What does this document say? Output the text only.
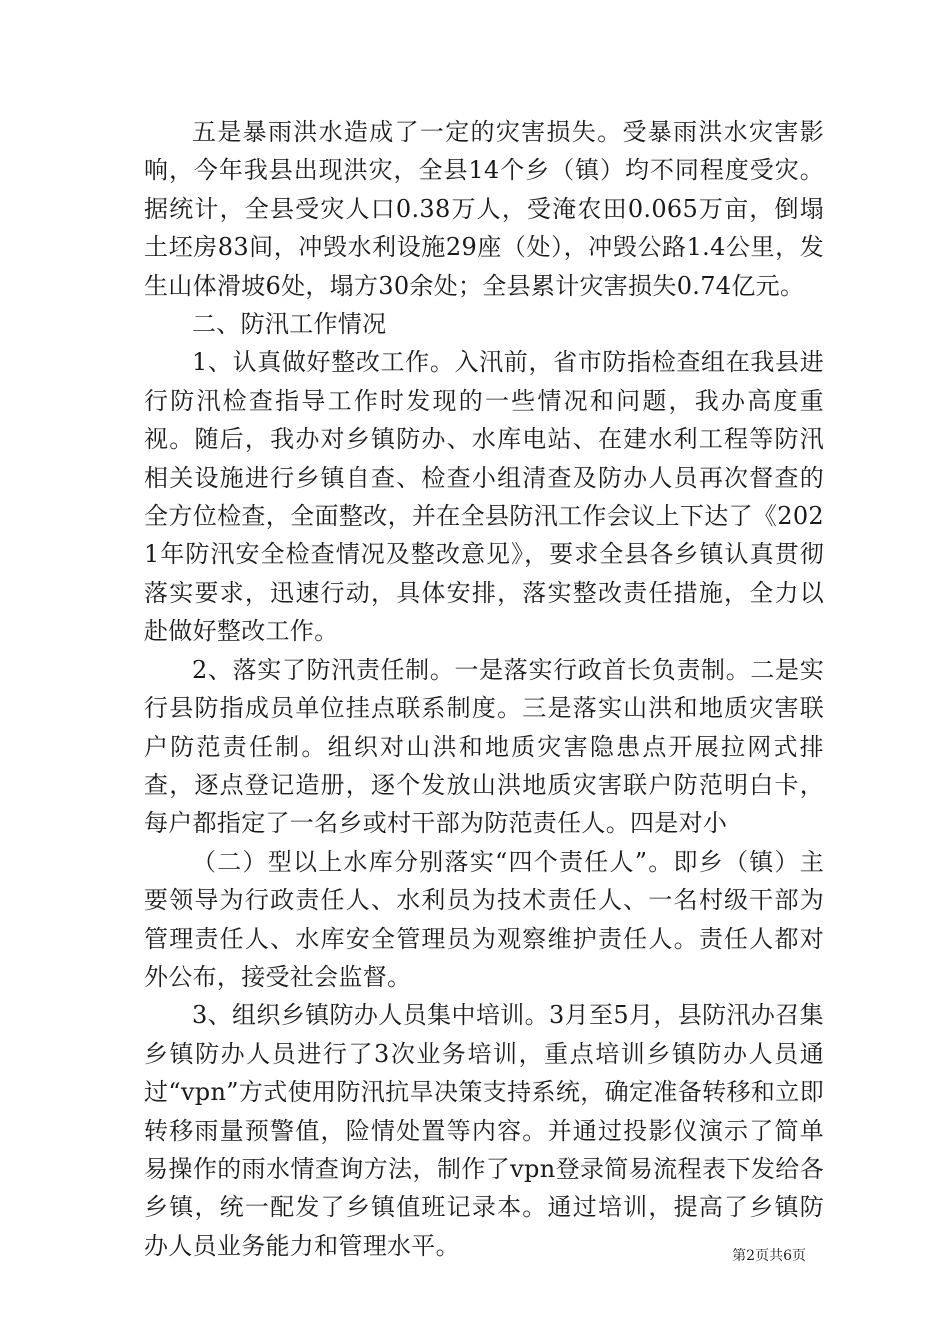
五是暴雨洪水造成了一定的灾害损失。受暴雨洪水灾害影响，今年我县出现洪灾，全县14个乡（镇）均不同程度受灾。据统计，全县受灾人口0.38万人，受淹农田0.065万亩，倒塌土坯房83间，冲毁水利设施29座（处），冲毁公路1.4公里，发生山体滑坡6处，塌方30余处；全县累计灾害损失0.74亿元。

二、防汛工作情况

1、认真做好整改工作。入汛前，省市防指检查组在我县进行防汛检查指导工作时发现的一些情况和问题，我办高度重视。随后，我办对乡镇防办、水库电站、在建水利工程等防汛相关设施进行乡镇自查、检查小组清查及防办人员再次督查的全方位检查，全面整改，并在全县防汛工作会议上下达了《2021年防汛安全检查情况及整改意见》，要求全县各乡镇认真贯彻落实要求，迅速行动，具体安排，落实整改责任措施，全力以赴做好整改工作。

2、落实了防汛责任制。一是落实行政首长负责制。二是实行县防指成员单位挂点联系制度。三是落实山洪和地质灾害联户防范责任制。组织对山洪和地质灾害隐患点开展拉网式排查，逐点登记造册，逐个发放山洪地质灾害联户防范明白卡，每户都指定了一名乡或村干部为防范责任人。四是对小

（二）型以上水库分别落实“四个责任人”。即乡（镇）主要领导为行政责任人、水利员为技术责任人、一名村级干部为管理责任人、水库安全管理员为观察维护责任人。责任人都对外公布，接受社会监督。

3、组织乡镇防办人员集中培训。3月至5月，县防汛办召集乡镇防办人员进行了3次业务培训，重点培训乡镇防办人员通过“vpn”方式使用防汛抗旱决策支持系统，确定准备转移和立即转移雨量预警值，险情处置等内容。并通过投影仪演示了简单易操作的雨水情查询方法，制作了vpn登录简易流程表下发给各乡镇，统一配发了乡镇值班记录本。通过培训，提高了乡镇防办人员业务能力和管理水平。	第2页共6页
